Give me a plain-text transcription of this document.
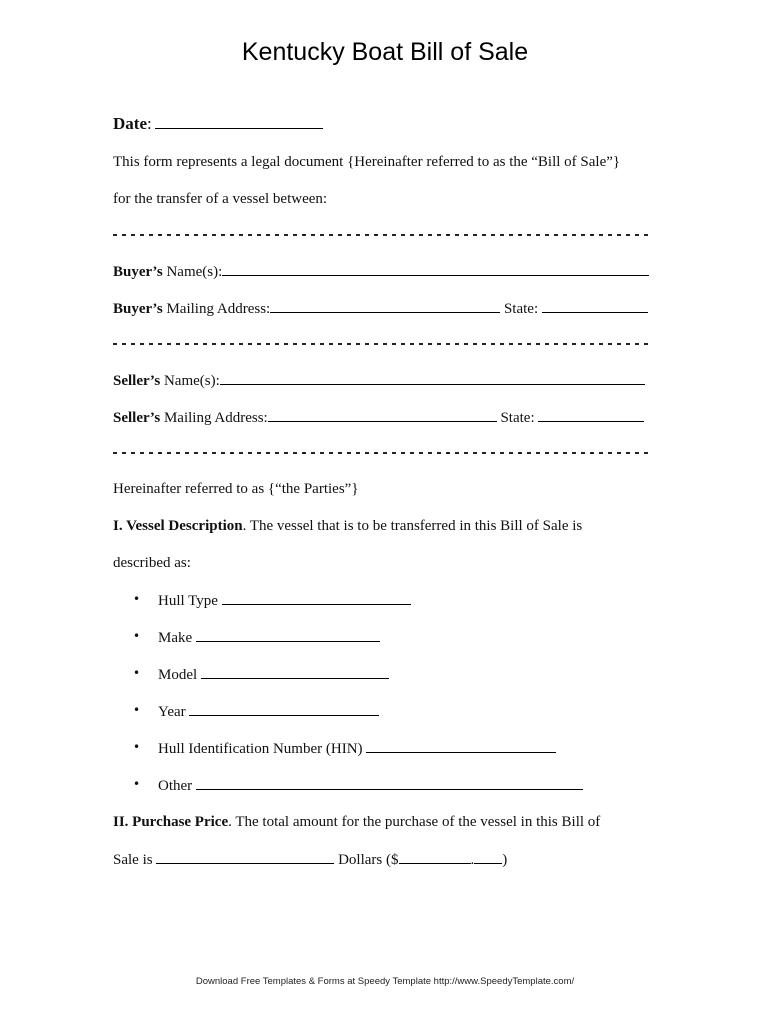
Kentucky Boat Bill of Sale
Date:
This form represents a legal document {Hereinafter referred to as the “Bill of Sale”}
for the transfer of a vessel between:
Buyer’s Name(s):
Buyer’s Mailing Address:	State:
Seller’s Name(s):
Seller’s Mailing Address:	State:
Hereinafter referred to as {“the Parties”}
I. Vessel Description. The vessel that is to be transferred in this Bill of Sale is
described as:
• Hull Type
• Make
• Model
• Year
• Hull Identification Number (HIN)
• Other
II. Purchase Price. The total amount for the purchase of the vessel in this Bill of
Sale is	Dollars ($	. )
Download Free Templates & Forms at Speedy Template http://www.SpeedyTemplate.com/
